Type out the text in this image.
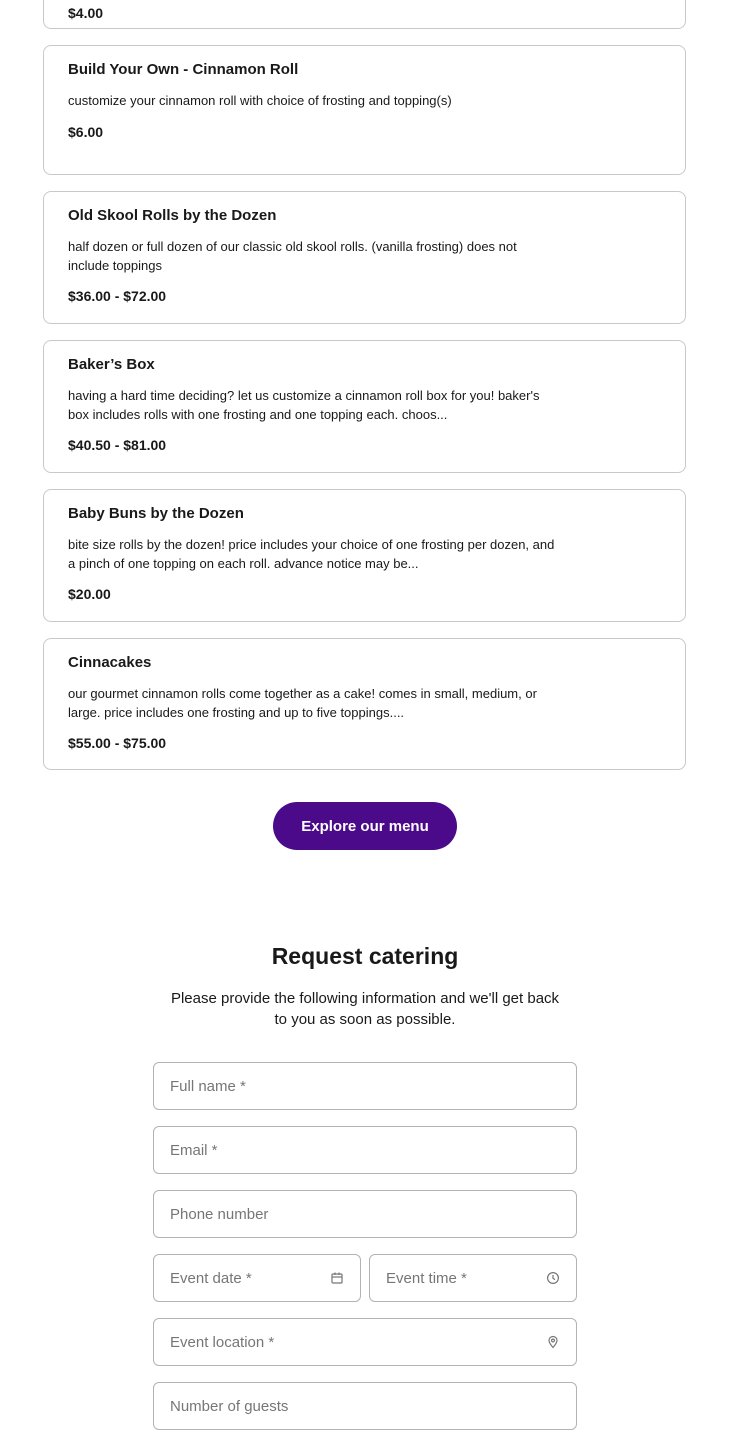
$4.00
Build Your Own - Cinnamon Roll
customize your cinnamon roll with choice of frosting and topping(s)
$6.00
Old Skool Rolls by the Dozen
half dozen or full dozen of our classic old skool rolls. (vanilla frosting) does not include toppings
$36.00 - $72.00
Baker’s Box
having a hard time deciding? let us customize a cinnamon roll box for you! baker's box includes rolls with one frosting and one topping each. choos...
$40.50 - $81.00
Baby Buns by the Dozen
bite size rolls by the dozen! price includes your choice of one frosting per dozen, and a pinch of one topping on each roll. advance notice may be...
$20.00
Cinnacakes
our gourmet cinnamon rolls come together as a cake! comes in small, medium, or large. price includes one frosting and up to five toppings....
$55.00 - $75.00
Explore our menu
Request catering
Please provide the following information and we'll get back to you as soon as possible.
Full name *
Email *
Phone number
Event date *	Event time *
Event location *
Number of guests
